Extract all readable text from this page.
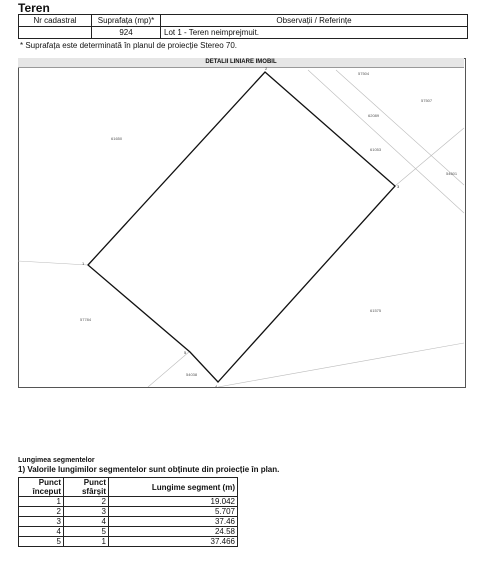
Teren
Nr cadastral	Suprafața (mp)*	Observații / Referințe
	924	Lot 1 - Teren neimprejmuit.
* Suprafața este determinată în planul de proiecție Stereo 70.
DETALII LINIARE IMOBIL
57504
57507
62089
61650
61053
54601
57784
61575
54038
1
2
3
4
5
Lungimea segmentelor
1) Valorile lungimilor segmentelor sunt obținute din proiecție în plan.
Punct început	Punct sfârșit	Lungime segment (m)
1	2	19.042
2	3	5.707
3	4	37.46
4	5	24.58
5	1	37.466
